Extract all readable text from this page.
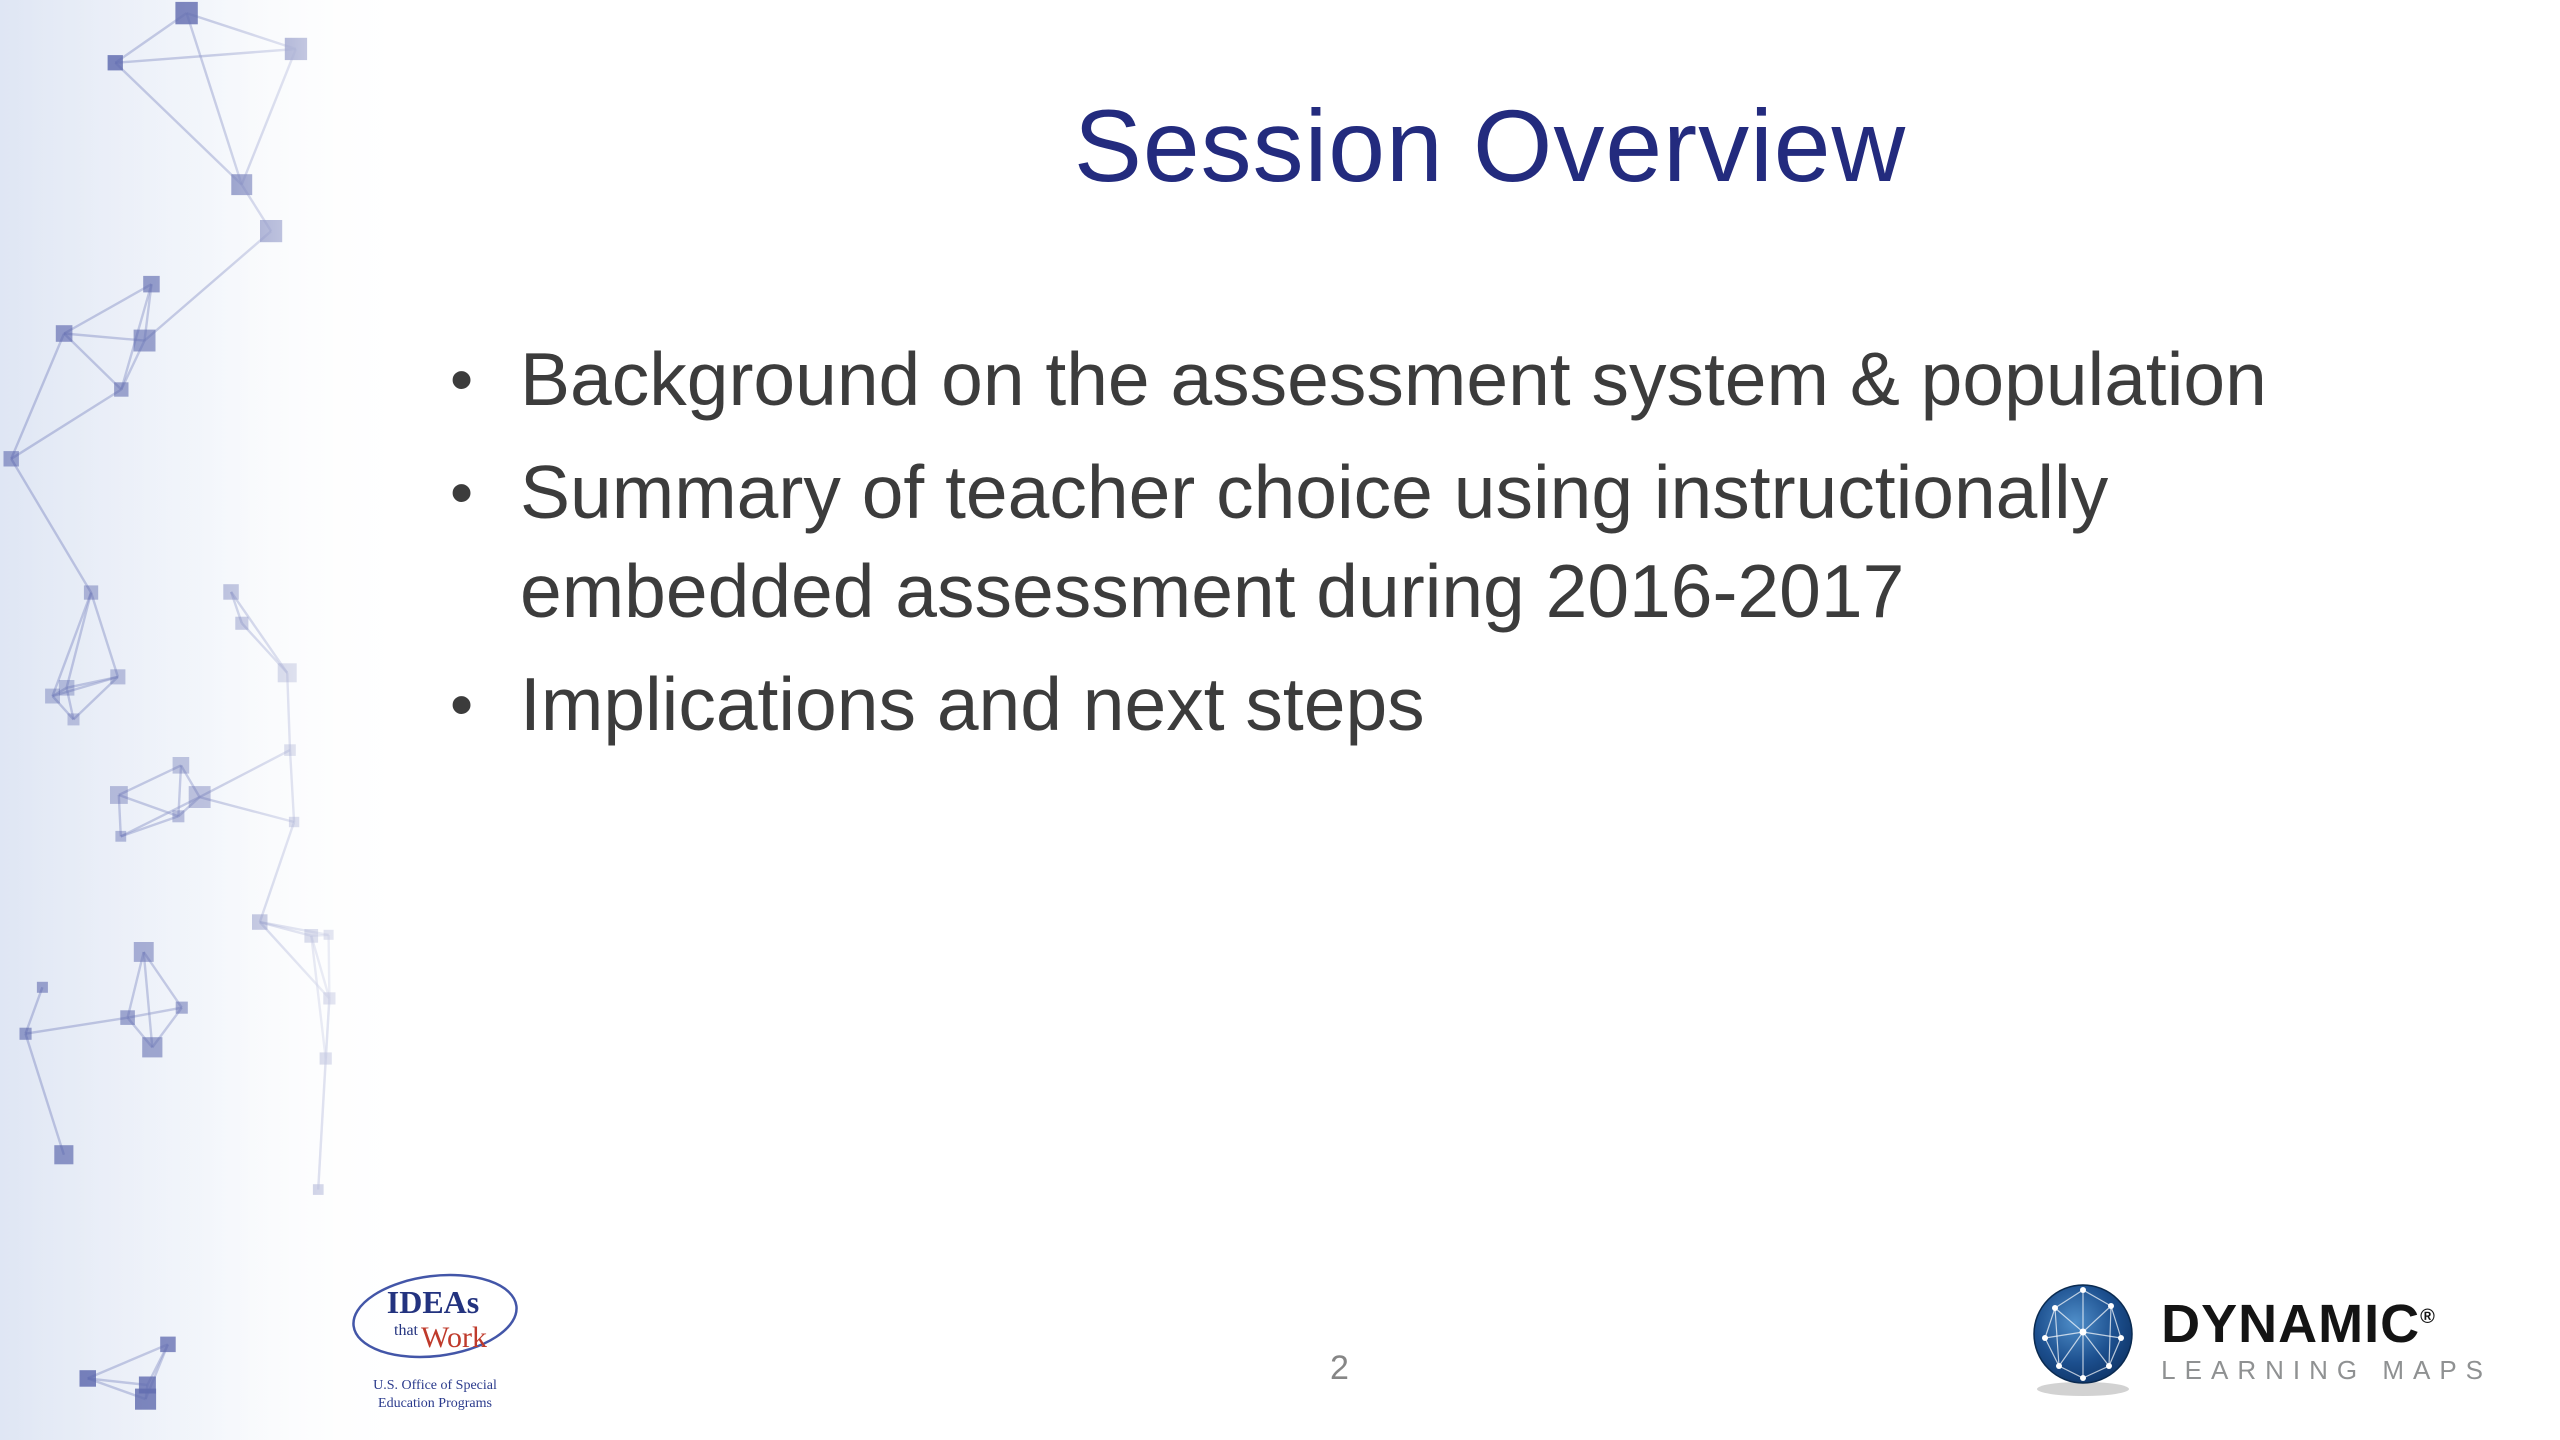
Session Overview
• Background on the assessment system & population
• Summary of teacher choice using instructionally embedded assessment during 2016-2017
• Implications and next steps
IDEAs
that Work
U.S. Office of Special
Education Programs
2
DYNAMIC®
LEARNING MAPS
